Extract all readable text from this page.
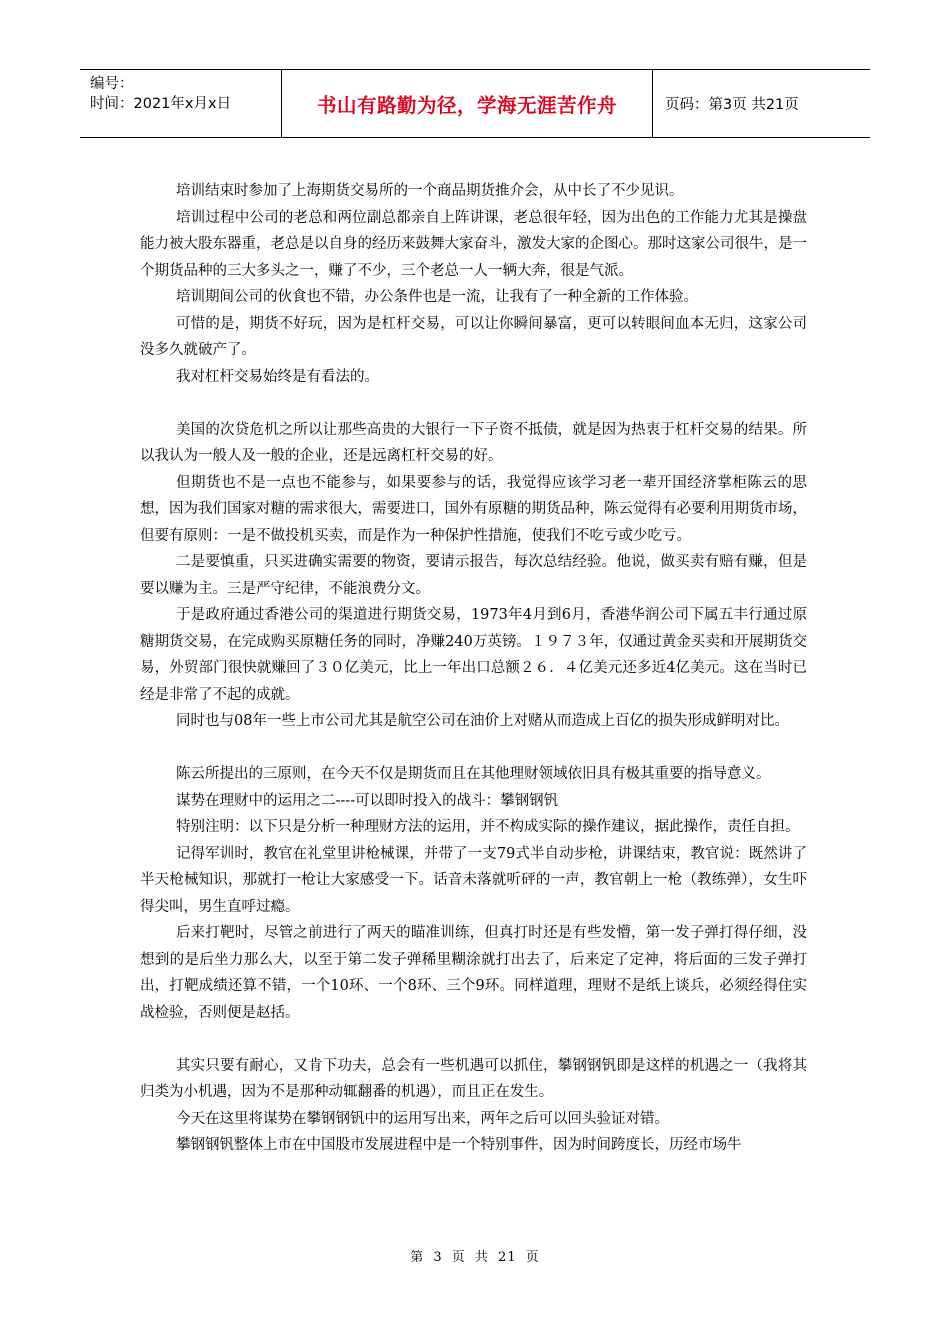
编号：
时间：2021年x月x日	书山有路勤为径，学海无涯苦作舟	页码：第3页 共21页

培训结束时参加了上海期货交易所的一个商品期货推介会，从中长了不少见识。

培训过程中公司的老总和两位副总都亲自上阵讲课，老总很年轻，因为出色的工作能力尤其是操盘能力被大股东器重，老总是以自身的经历来鼓舞大家奋斗，激发大家的企图心。那时这家公司很牛，是一个期货品种的三大多头之一，赚了不少，三个老总一人一辆大奔，很是气派。

培训期间公司的伙食也不错，办公条件也是一流，让我有了一种全新的工作体验。

可惜的是，期货不好玩，因为是杠杆交易，可以让你瞬间暴富，更可以转眼间血本无归，这家公司没多久就破产了。

我对杠杆交易始终是有看法的。

美国的次贷危机之所以让那些高贵的大银行一下子资不抵债，就是因为热衷于杠杆交易的结果。所以我认为一般人及一般的企业，还是远离杠杆交易的好。

但期货也不是一点也不能参与，如果要参与的话，我觉得应该学习老一辈开国经济掌柜陈云的思想，因为我们国家对糖的需求很大，需要进口，国外有原糖的期货品种，陈云觉得有必要利用期货市场，但要有原则：一是不做投机买卖，而是作为一种保护性措施，使我们不吃亏或少吃亏。

二是要慎重，只买进确实需要的物资，要请示报告，每次总结经验。他说，做买卖有赔有赚，但是要以赚为主。三是严守纪律，不能浪费分文。

于是政府通过香港公司的渠道进行期货交易，1973年4月到6月，香港华润公司下属五丰行通过原糖期货交易，在完成购买原糖任务的同时，净赚240万英镑。１９７３年，仅通过黄金买卖和开展期货交易，外贸部门很快就赚回了３０亿美元，比上一年出口总额２６．４亿美元还多近4亿美元。这在当时已经是非常了不起的成就。

同时也与08年一些上市公司尤其是航空公司在油价上对赌从而造成上百亿的损失形成鲜明对比。

陈云所提出的三原则，在今天不仅是期货而且在其他理财领域依旧具有极其重要的指导意义。

谋势在理财中的运用之二----可以即时投入的战斗：攀钢钢钒

特别注明：以下只是分析一种理财方法的运用，并不构成实际的操作建议，据此操作，责任自担。

记得军训时，教官在礼堂里讲枪械课，并带了一支79式半自动步枪，讲课结束，教官说：既然讲了半天枪械知识，那就打一枪让大家感受一下。话音未落就听砰的一声，教官朝上一枪（教练弹），女生吓得尖叫，男生直呼过瘾。

后来打靶时，尽管之前进行了两天的瞄准训练，但真打时还是有些发懵，第一发子弹打得仔细，没想到的是后坐力那么大，以至于第二发子弹稀里糊涂就打出去了，后来定了定神，将后面的三发子弹打出，打靶成绩还算不错，一个10环、一个8环、三个9环。同样道理，理财不是纸上谈兵，必须经得住实战检验，否则便是赵括。

其实只要有耐心，又肯下功夫，总会有一些机遇可以抓住，攀钢钢钒即是这样的机遇之一（我将其归类为小机遇，因为不是那种动辄翻番的机遇），而且正在发生。

今天在这里将谋势在攀钢钢钒中的运用写出来，两年之后可以回头验证对错。

攀钢钢钒整体上市在中国股市发展进程中是一个特别事件，因为时间跨度长，历经市场牛

第 3 页 共 21 页
